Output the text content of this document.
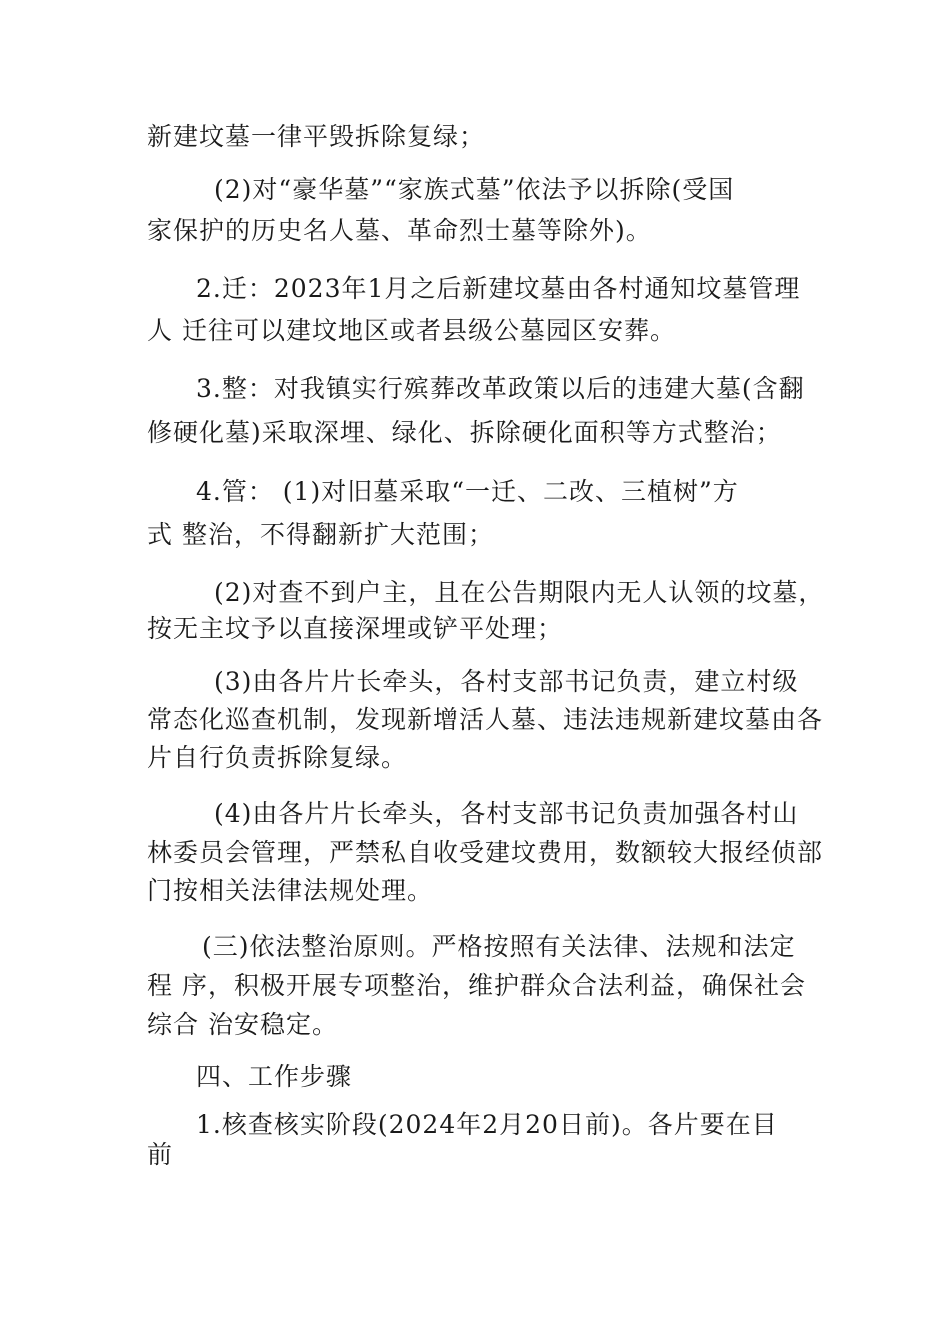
新建坟墓一律平毁拆除复绿；
(2)对“豪华墓”“家族式墓”依法予以拆除(受国
家保护的历史名人墓、革命烈士墓等除外)。
2.迁：2023年1月之后新建坟墓由各村通知坟墓管理
人 迁往可以建坟地区或者县级公墓园区安葬。
3.整：对我镇实行殡葬改革政策以后的违建大墓(含翻
修硬化墓)采取深埋、绿化、拆除硬化面积等方式整治；
4.管： (1)对旧墓采取“一迁、二改、三植树”方
式 整治，不得翻新扩大范围；
(2)对查不到户主，且在公告期限内无人认领的坟墓，
按无主坟予以直接深埋或铲平处理；
(3)由各片片长牵头，各村支部书记负责，建立村级
常态化巡查机制，发现新增活人墓、违法违规新建坟墓由各
片自行负责拆除复绿。
(4)由各片片长牵头，各村支部书记负责加强各村山
林委员会管理，严禁私自收受建坟费用，数额较大报经侦部
门按相关法律法规处理。
(三)依法整治原则。严格按照有关法律、法规和法定
程 序，积极开展专项整治，维护群众合法利益，确保社会
综合 治安稳定。
四、工作步骤
1.核查核实阶段(2024年2月20日前)。各片要在目
前
